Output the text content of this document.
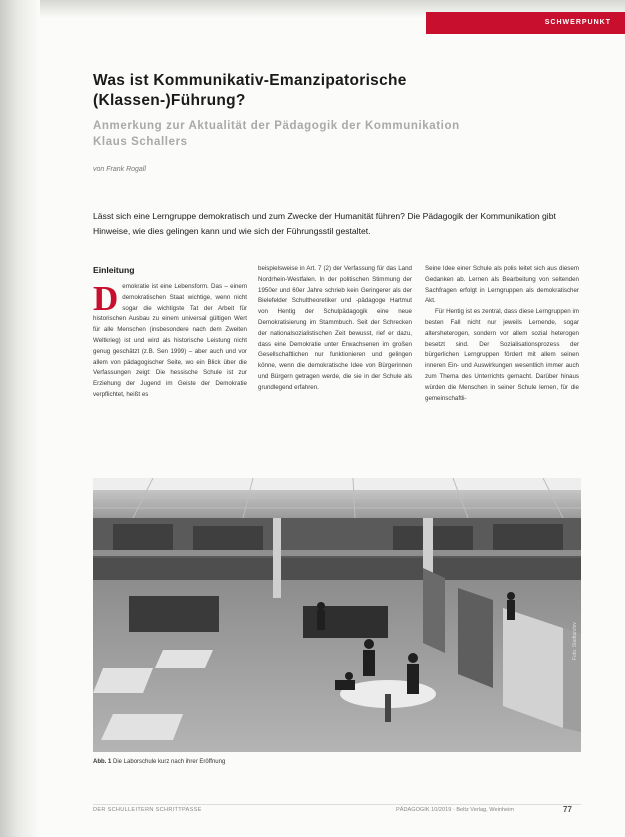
SCHWERPUNKT
Was ist Kommunikativ-Emanzipatorische
(Klassen-)Führung?
Anmerkung zur Aktualität der Pädagogik der Kommunikation
Klaus Schallers
von Frank Rogall
Lässt sich eine Lerngruppe demokratisch und zum Zwecke der Humanität führen? Die Pädagogik der Kommunikation gibt Hinweise, wie dies gelingen kann und wie sich der Führungsstil gestaltet.
Einleitung

Demokratie ist eine Lebensform. Das – einem demokratischen Staat wichtige, wenn nicht sogar die wichtigste Tat der Arbeit für historischen Ausbau zu einem universal gültigen Wert für alle Menschen (insbesondere nach dem Zweiten Weltkrieg) ist und wird als historische Leistung nicht genug geschätzt (z.B. Sen 1999) – aber auch und vor allem von pädagogischer Seite, wo ein Blick über die Verfassungen zeigt: Die hessische Schule ist zur Erziehung der Jugend im Geiste der Demokratie verpflichtet, heißt es

beispielsweise in Art. 7 (2) der Verfassung für das Land Nordrhein-Westfalen. In der politischen Stimmung der 1950er und 60er Jahre schrieb kein Geringerer als der Bielefelder Schultheoretiker und -pädagoge Hartmut von Hentig der Schulpädagogik eine neue Demokratisierung im Stammbuch. Seit der Schrecken der nationalsozialistischen Zeit bewusst, rief er dazu, dass eine Demokratie unter Erwachsenen im großen Gesellschaftlichen nur funktionieren und gelingen könne, wenn die demokratische Idee von Bürgerinnen und Bürgern getragen werde, die sie in der Schule als grundlegend erfahren.

Seine Idee einer Schule als polis leitet sich aus diesem Gedanken ab. Lernen als Bearbeitung von seltenden Sachfragen erfolgt in Lerngruppen als demokratischer Akt.

Für Hentig ist es zentral, dass diese Lerngruppen im besten Fall nicht nur jeweils Lernende, sogar altersheterogen, sondern vor allem sozial heterogen besetzt sind. Der Sozialisationsprozess der bürgerlichen Lerngruppen fördert mit allem seinen inneren Ein- und Auswirkungen wesentlich immer auch zum Thema des Unterrichts gemacht. Darüber hinaus würden die Menschen in seiner Schule lernen, für die gemeinschaftli-

Foto: Stadtarchiv
Abb. 1 Die Laborschule kurz nach ihrer Eröffnung
DER SCHULLEITERN SCHRITTPASSE	PÄDAGOGIK 10/2019 · Beltz Verlag, Weinheim	77
